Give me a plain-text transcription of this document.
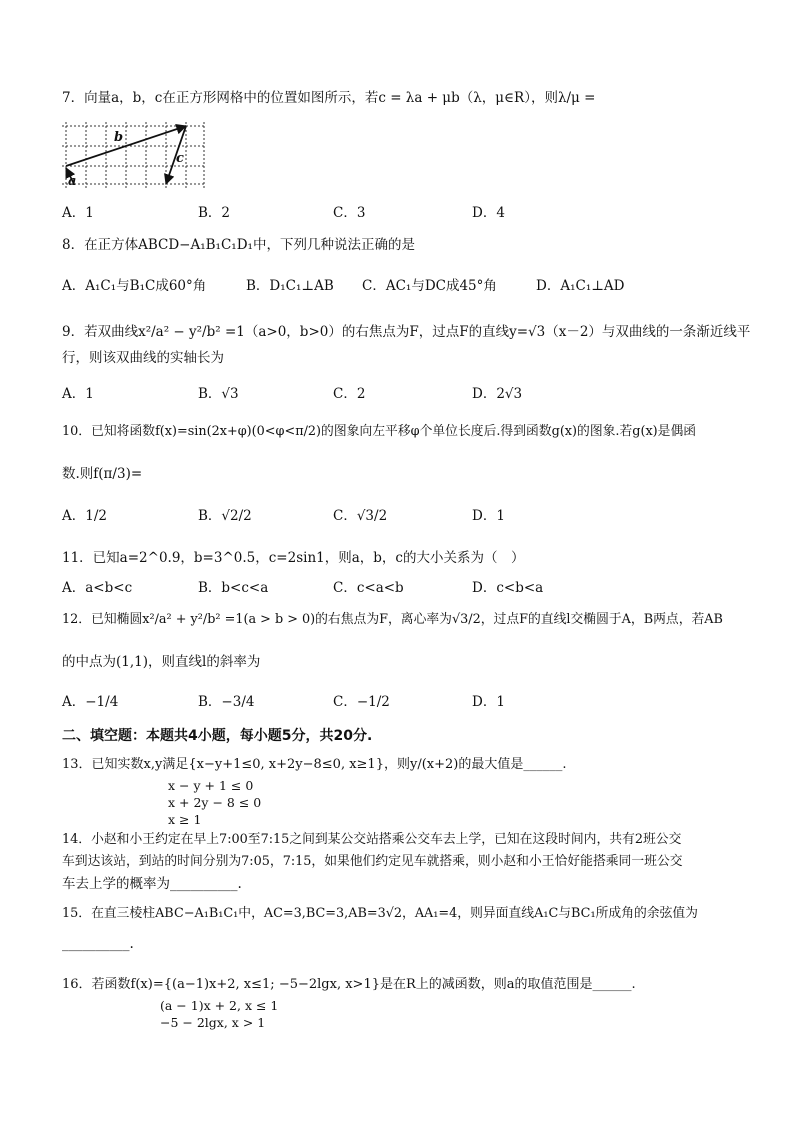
7．向量a，b，c在正方形网格中的位置如图所示，若c = λa + μb（λ，μ∈R），则λ/μ =
a
b
c
A．1	B．2	C．3	D．4
8．在正方体ABCD−A₁B₁C₁D₁中，下列几种说法正确的是
A．A₁C₁与B₁C成60°角	B．D₁C₁⊥AB C．AC₁与DC成45°角	D．A₁C₁⊥AD
9．若双曲线x²/a² − y²/b² =1（a>0，b>0）的右焦点为F，过点F的直线y=√3（x－2）与双曲线的一条渐近线平
行，则该双曲线的实轴长为
A．1	B．√3	C．2	D．2√3
10．已知将函数f(x)=sin(2x+φ)(0<φ<π/2)的图象向左平移φ个单位长度后.得到函数g(x)的图象.若g(x)是偶函
数.则f(π/3)=
A．1/2	B．√2/2	C．√3/2	D．1
11．已知a=2^0.9，b=3^0.5，c=2sin1，则a，b，c的大小关系为（　）
A．a<b<c	B．b<c<a	C．c<a<b	D．c<b<a
12．已知椭圆x²/a² + y²/b² =1(a > b > 0)的右焦点为F，离心率为√3/2，过点F的直线l交椭圆于A，B两点，若AB
的中点为(1,1)，则直线l的斜率为
A．−1/4	B．−3/4	C．−1/2	D．1
二、填空题：本题共4小题，每小题5分，共20分.
13．已知实数x,y满足{x−y+1≤0, x+2y−8≤0, x≥1}，则y/(x+2)的最大值是______.
x − y + 1 ≤ 0
x + 2y − 8 ≤ 0
x ≥ 1
14．小赵和小王约定在早上7:00至7:15之间到某公交站搭乘公交车去上学，已知在这段时间内，共有2班公交
车到达该站，到站的时间分别为7:05，7:15，如果他们约定见车就搭乘，则小赵和小王恰好能搭乘同一班公交
车去上学的概率为__________.
15．在直三棱柱ABC−A₁B₁C₁中，AC=3,BC=3,AB=3√2，AA₁=4，则异面直线A₁C与BC₁所成角的余弦值为
__________.
16．若函数f(x)={(a−1)x+2, x≤1; −5−2lgx, x>1}是在R上的减函数，则a的取值范围是______.
(a − 1)x + 2, x ≤ 1
−5 − 2lgx, x > 1
